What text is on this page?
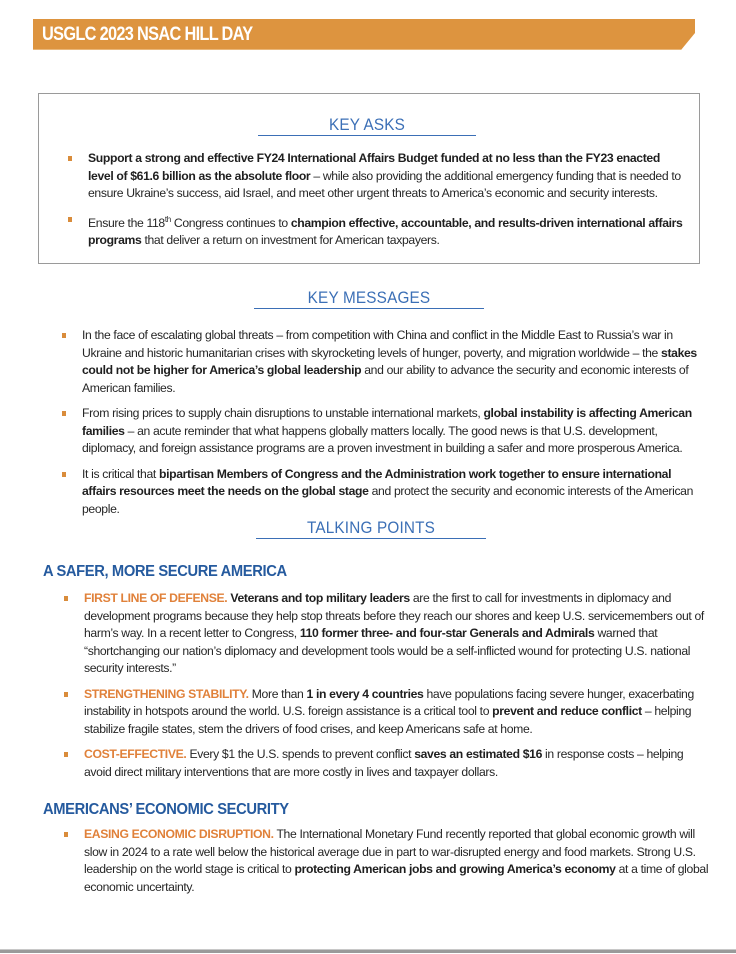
USGLC 2023 NSAC HILL DAY
KEY ASKS
Support a strong and effective FY24 International Affairs Budget funded at no less than the FY23 enacted level of $61.6 billion as the absolute floor – while also providing the additional emergency funding that is needed to ensure Ukraine’s success, aid Israel, and meet other urgent threats to America’s economic and security interests.
Ensure the 118th Congress continues to champion effective, accountable, and results-driven international affairs programs that deliver a return on investment for American taxpayers.
KEY MESSAGES
In the face of escalating global threats – from competition with China and conflict in the Middle East to Russia’s war in Ukraine and historic humanitarian crises with skyrocketing levels of hunger, poverty, and migration worldwide – the stakes could not be higher for America’s global leadership and our ability to advance the security and economic interests of American families.
From rising prices to supply chain disruptions to unstable international markets, global instability is affecting American families – an acute reminder that what happens globally matters locally. The good news is that U.S. development, diplomacy, and foreign assistance programs are a proven investment in building a safer and more prosperous America.
It is critical that bipartisan Members of Congress and the Administration work together to ensure international affairs resources meet the needs on the global stage and protect the security and economic interests of the American people.
TALKING POINTS
A SAFER, MORE SECURE AMERICA
FIRST LINE OF DEFENSE. Veterans and top military leaders are the first to call for investments in diplomacy and development programs because they help stop threats before they reach our shores and keep U.S. servicemembers out of harm’s way. In a recent letter to Congress, 110 former three- and four-star Generals and Admirals warned that “shortchanging our nation’s diplomacy and development tools would be a self-inflicted wound for protecting U.S. national security interests.”
STRENGTHENING STABILITY. More than 1 in every 4 countries have populations facing severe hunger, exacerbating instability in hotspots around the world. U.S. foreign assistance is a critical tool to prevent and reduce conflict – helping stabilize fragile states, stem the drivers of food crises, and keep Americans safe at home.
COST-EFFECTIVE. Every $1 the U.S. spends to prevent conflict saves an estimated $16 in response costs – helping avoid direct military interventions that are more costly in lives and taxpayer dollars.
AMERICANS’ ECONOMIC SECURITY
EASING ECONOMIC DISRUPTION. The International Monetary Fund recently reported that global economic growth will slow in 2024 to a rate well below the historical average due in part to war-disrupted energy and food markets. Strong U.S. leadership on the world stage is critical to protecting American jobs and growing America’s economy at a time of global economic uncertainty.
